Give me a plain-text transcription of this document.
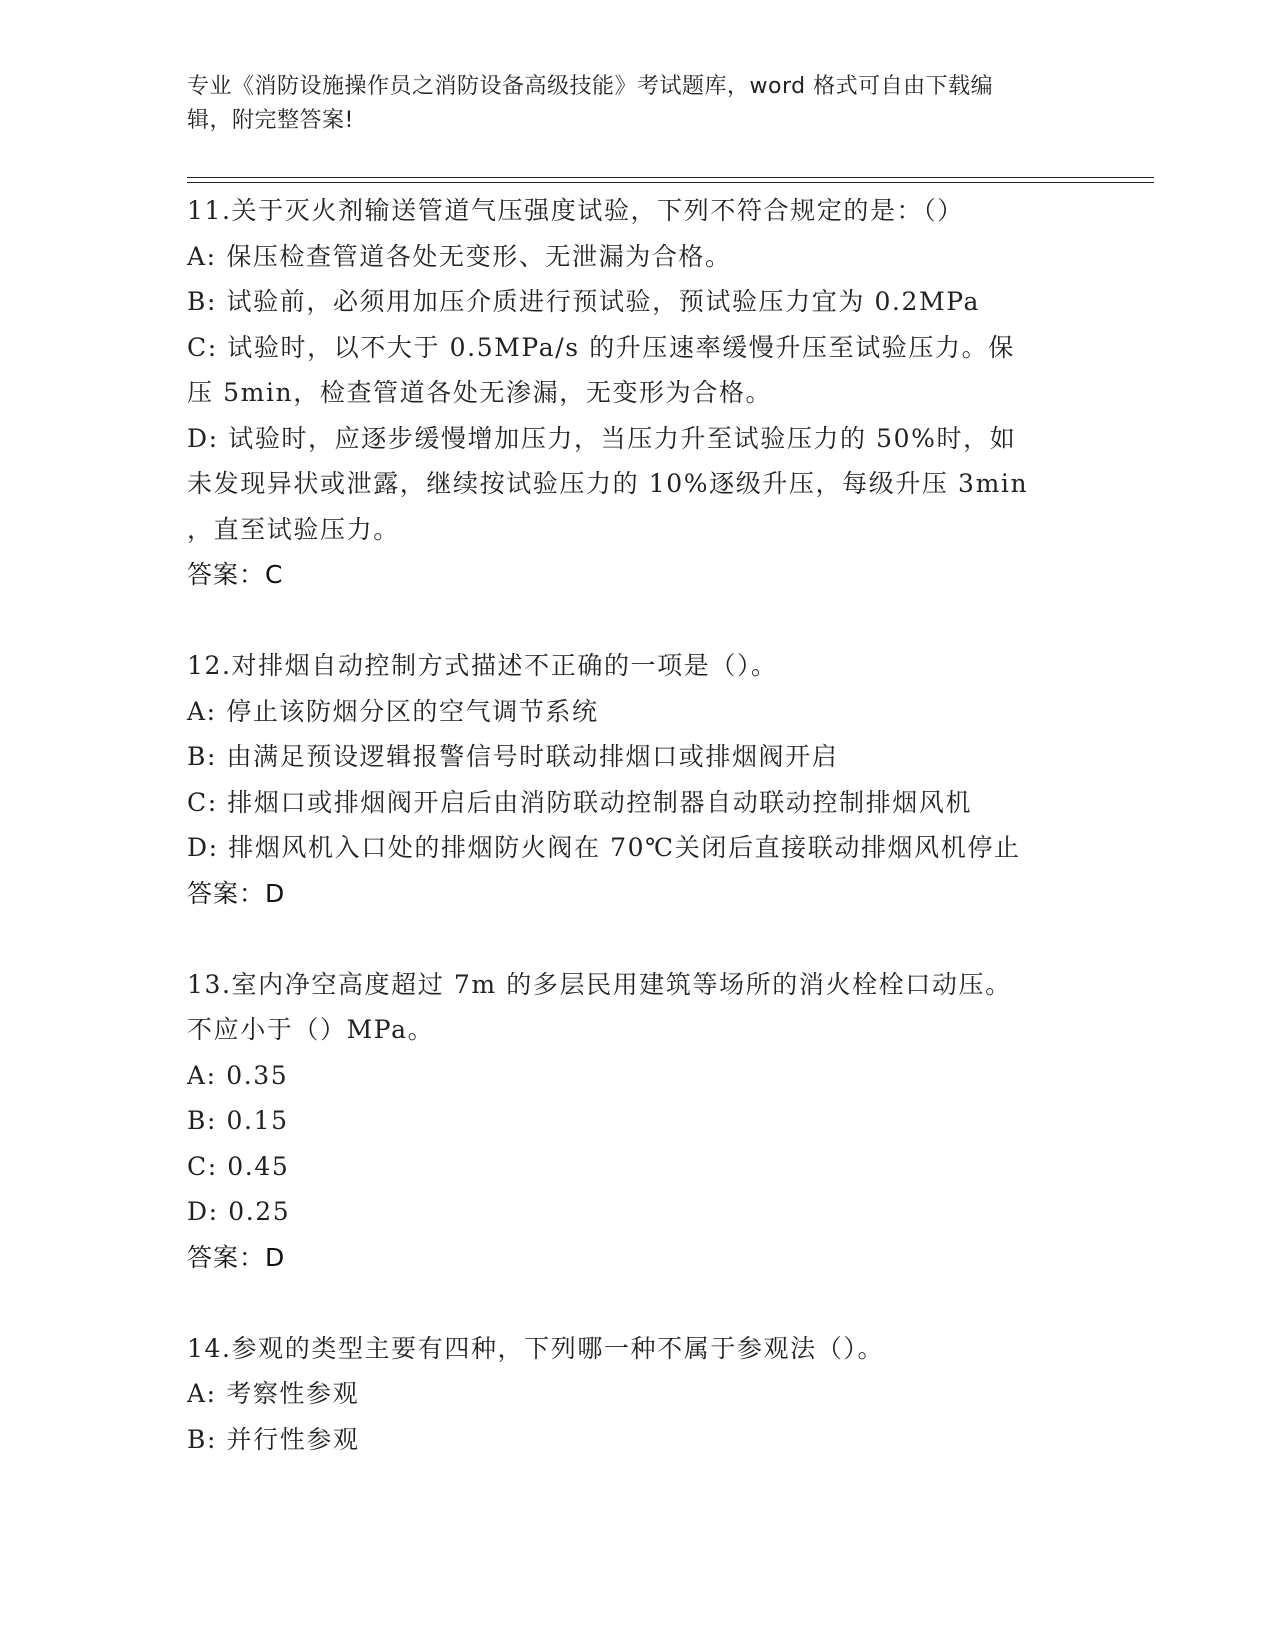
专业《消防设施操作员之消防设备高级技能》考试题库，word 格式可自由下载编
辑，附完整答案!
11.关于灭火剂输送管道气压强度试验，下列不符合规定的是：（）
A: 保压检查管道各处无变形、无泄漏为合格。
B: 试验前，必须用加压介质进行预试验，预试验压力宜为 0.2MPa
C: 试验时，以不大于 0.5MPa/s 的升压速率缓慢升压至试验压力。保
压 5min，检查管道各处无渗漏，无变形为合格。
D: 试验时，应逐步缓慢增加压力，当压力升至试验压力的 50%时，如
未发现异状或泄露，继续按试验压力的 10%逐级升压，每级升压 3min
，直至试验压力。
答案：C
12.对排烟自动控制方式描述不正确的一项是（）。
A: 停止该防烟分区的空气调节系统
B: 由满足预设逻辑报警信号时联动排烟口或排烟阀开启
C: 排烟口或排烟阀开启后由消防联动控制器自动联动控制排烟风机
D: 排烟风机入口处的排烟防火阀在 70℃关闭后直接联动排烟风机停止
答案：D
13.室内净空高度超过 7m 的多层民用建筑等场所的消火栓栓口动压。
不应小于（）MPa。
A: 0.35
B: 0.15
C: 0.45
D: 0.25
答案：D
14.参观的类型主要有四种，下列哪一种不属于参观法（）。
A: 考察性参观
B: 并行性参观
